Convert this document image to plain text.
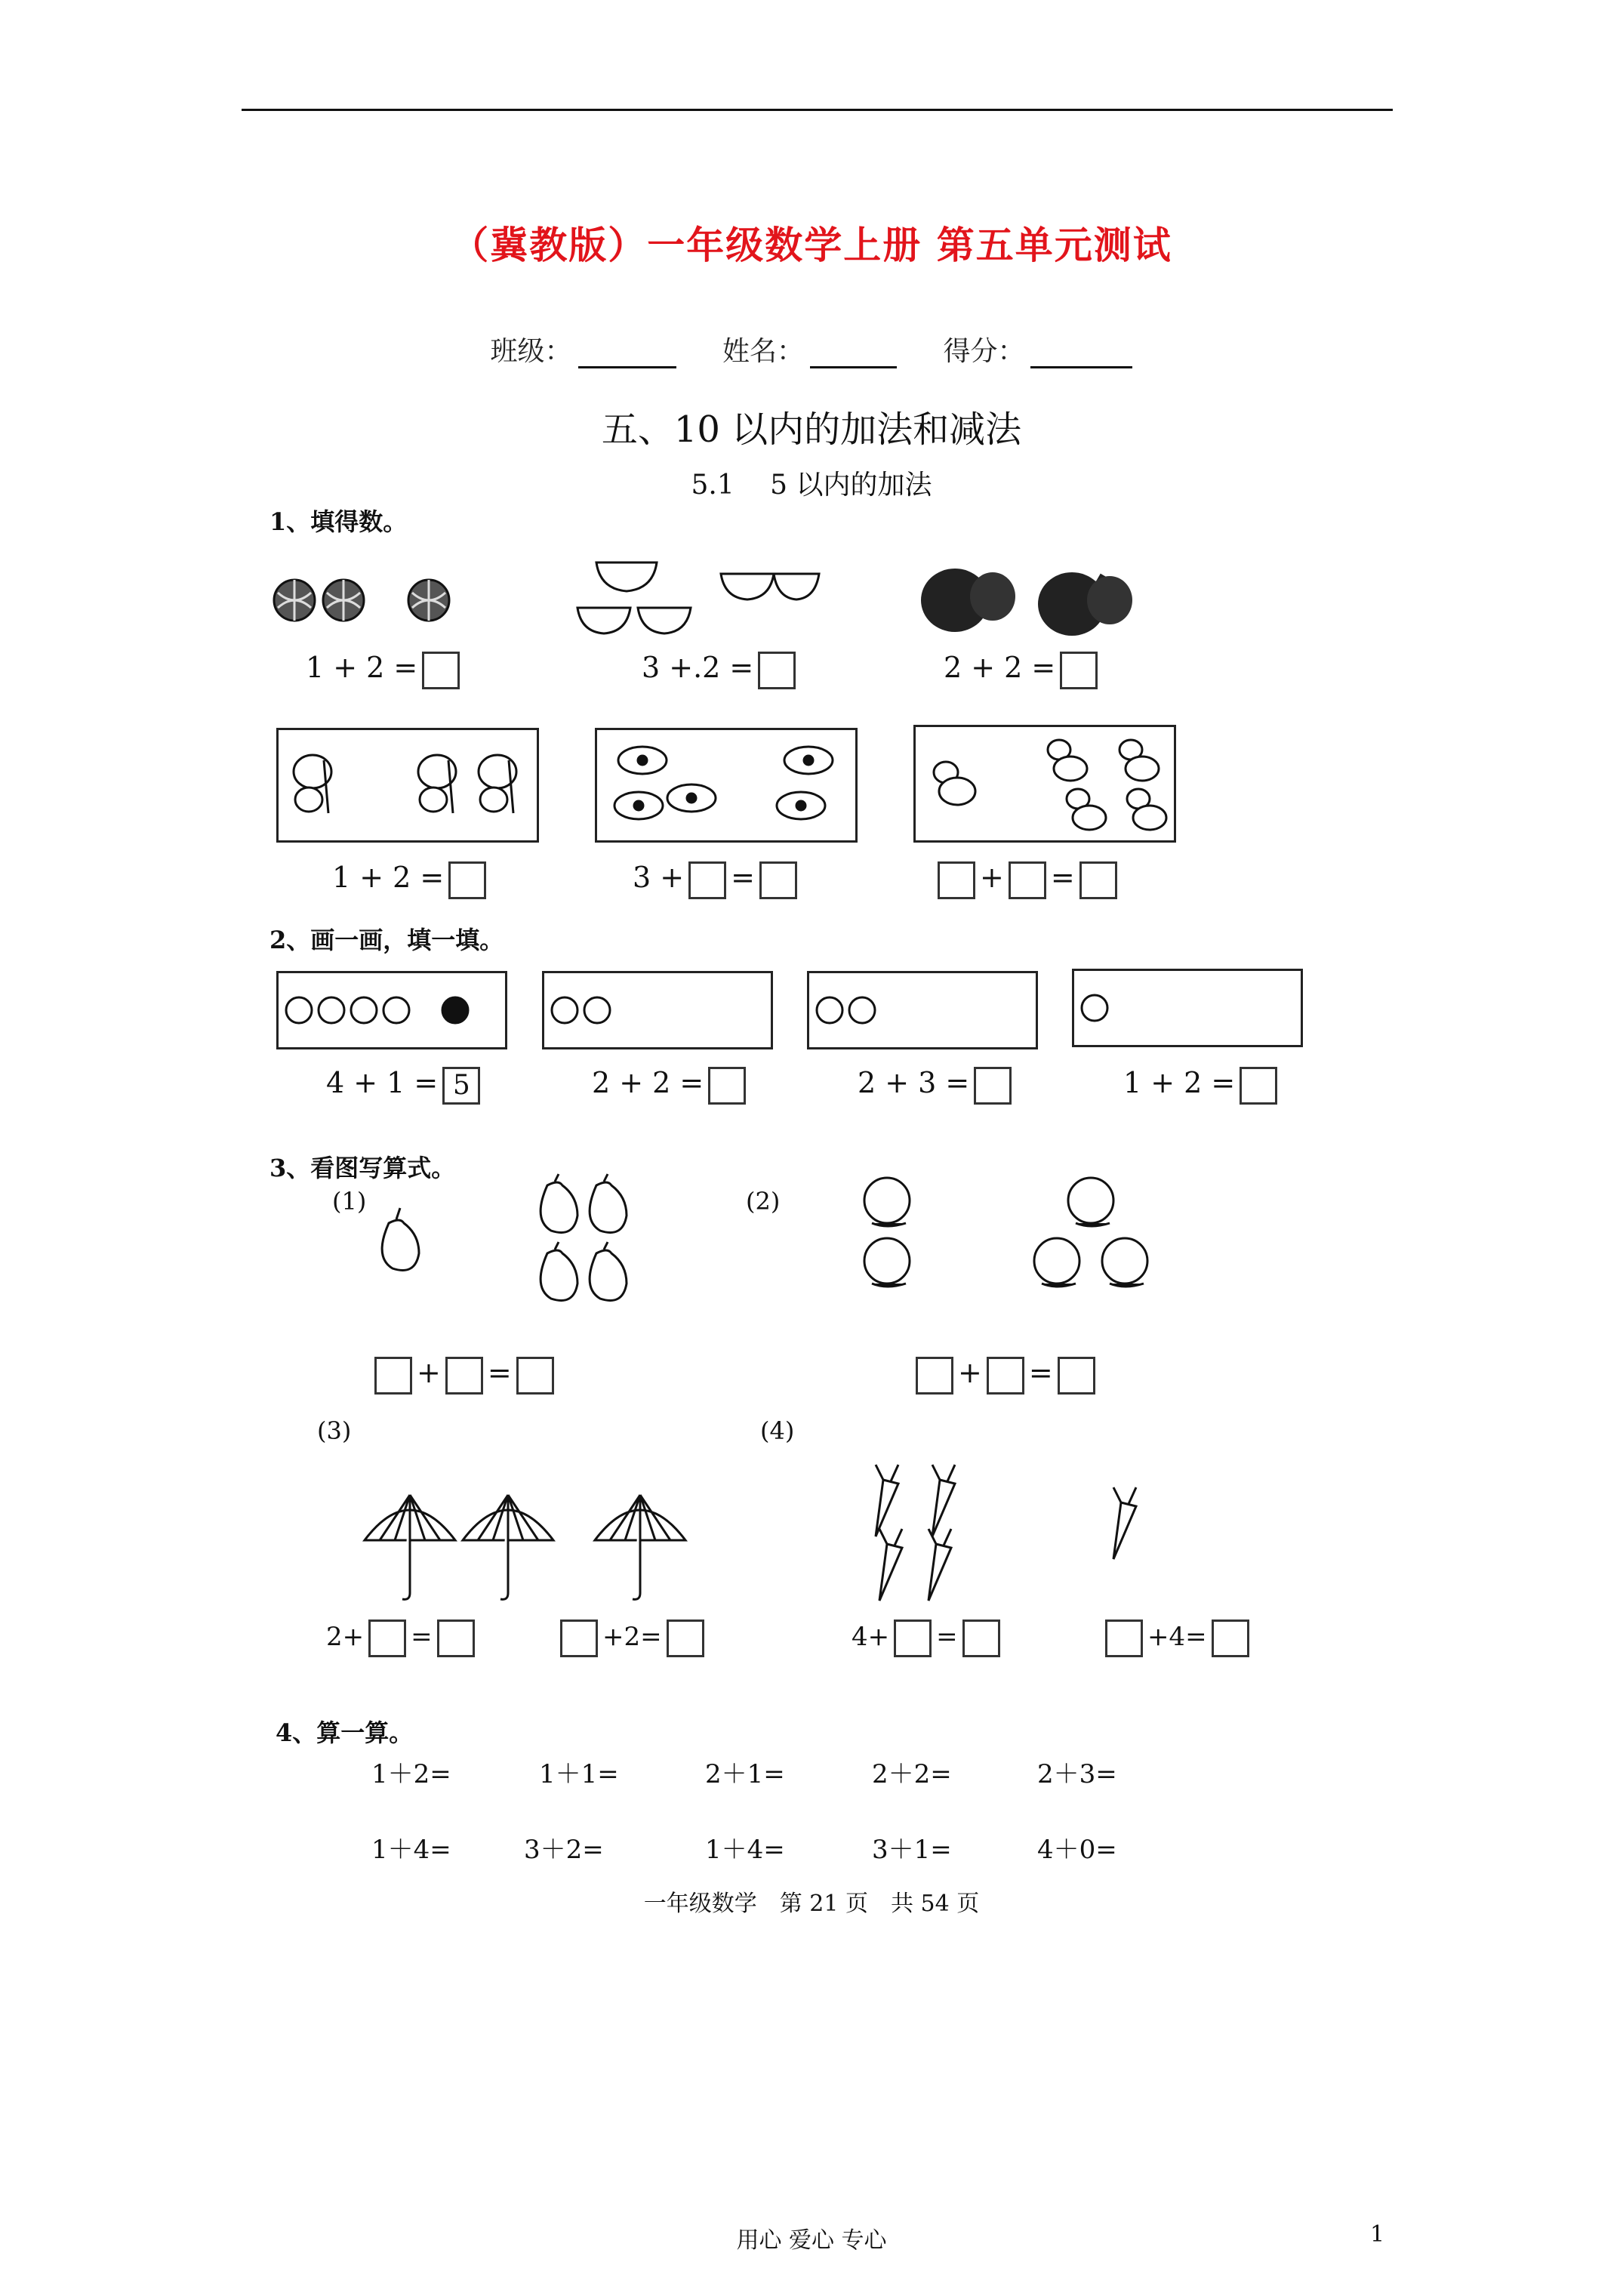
（冀教版）一年级数学上册 第五单元测试
班级：	姓名：	得分：
五、10 以内的加法和减法
5.1　 5 以内的加法
1、填得数。
1 + 2 =	3 +.2 =	2 + 2 =
1 + 2 =	3 + =	+ =
2、画一画，填一填。
4 + 1 = 5	2 + 2 =	2 + 3 =	1 + 2 =
3、看图写算式。
(1)	(2)
+ =	+ =
(3)	(4)
2+ =	+2=	4+ =	+4=
4、算一算。
1＋2=	1＋1=	2＋1=	2＋2=	2＋3=
1＋4=	3＋2=	1＋4=	3＋1=	4＋0=
一年级数学　第 21 页　共 54 页
用心 爱心 专心	1
